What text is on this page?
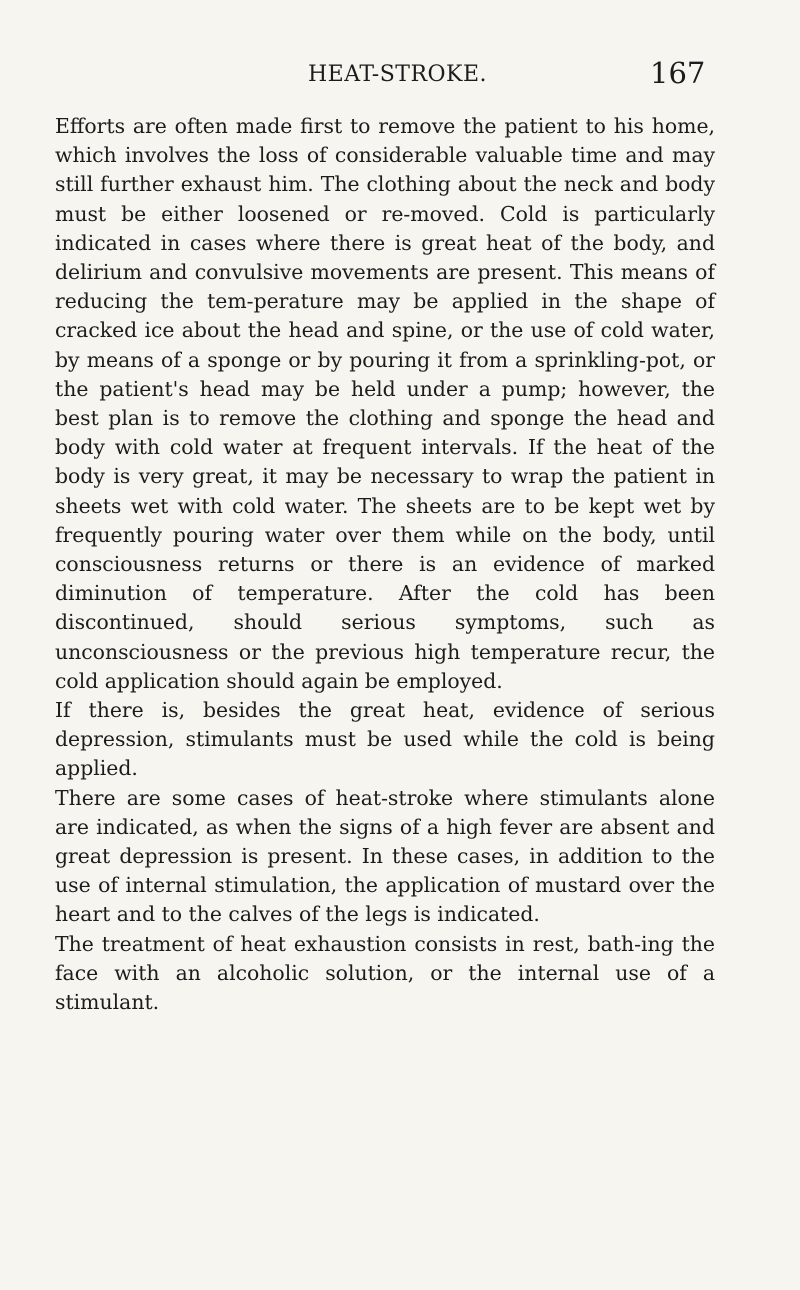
HEAT-STROKE.	167

Efforts are often made first to remove the patient to his home, which involves the loss of considerable valuable time and may still further exhaust him. The clothing about the neck and body must be either loosened or re-moved. Cold is particularly indicated in cases where there is great heat of the body, and delirium and convulsive movements are present. This means of reducing the tem-perature may be applied in the shape of cracked ice about the head and spine, or the use of cold water, by means of a sponge or by pouring it from a sprinkling-pot, or the patient's head may be held under a pump; however, the best plan is to remove the clothing and sponge the head and body with cold water at frequent intervals. If the heat of the body is very great, it may be necessary to wrap the patient in sheets wet with cold water. The sheets are to be kept wet by frequently pouring water over them while on the body, until consciousness returns or there is an evidence of marked diminution of temperature. After the cold has been discontinued, should serious symptoms, such as unconsciousness or the previous high temperature recur, the cold application should again be employed.

If there is, besides the great heat, evidence of serious depression, stimulants must be used while the cold is being applied.

There are some cases of heat-stroke where stimulants alone are indicated, as when the signs of a high fever are absent and great depression is present. In these cases, in addition to the use of internal stimulation, the application of mustard over the heart and to the calves of the legs is indicated.

The treatment of heat exhaustion consists in rest, bath-ing the face with an alcoholic solution, or the internal use of a stimulant.
